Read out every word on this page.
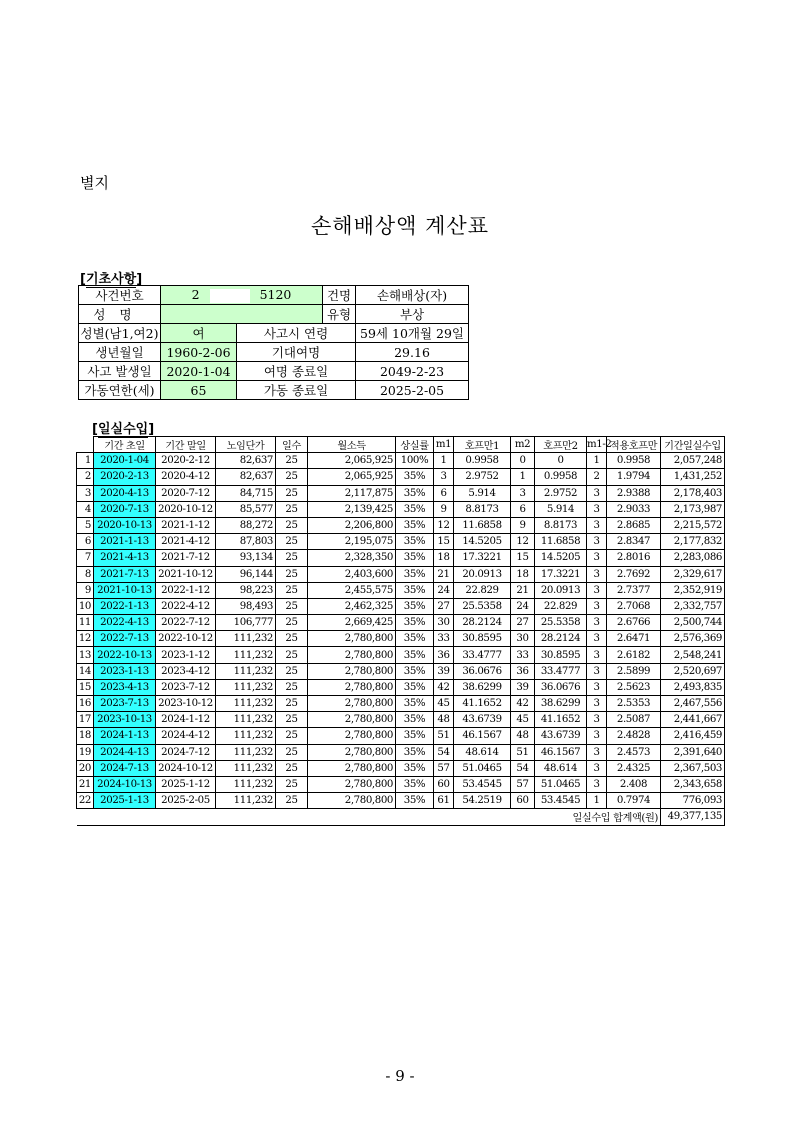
별지
손해배상액 계산표
[기초사항]
사건번호	2 5120		건명	손해배상(자)
성명			유형	부상
성별(남1,여2)	여	사고시 연령		59세 10개월 29일
생년월일	1960-2-06	기대여명		29.16
사고 발생일	2020-1-04	여명 종료일		2049-2-23
가동연한(세)	65	가동 종료일		2025-2-05
[일실수입]
	기간 초일	기간 말일	노임단가	일수	월소득	상실률	m1	호프만1	m2	호프만2	m1-2	적용호프만	기간일실수입
1	2020-1-04	2020-2-12	82,637	25	2,065,925	100%	1	0.9958	0	0	1	0.9958	2,057,248
2	2020-2-13	2020-4-12	82,637	25	2,065,925	35%	3	2.9752	1	0.9958	2	1.9794	1,431,252
3	2020-4-13	2020-7-12	84,715	25	2,117,875	35%	6	5.914	3	2.9752	3	2.9388	2,178,403
4	2020-7-13	2020-10-12	85,577	25	2,139,425	35%	9	8.8173	6	5.914	3	2.9033	2,173,987
5	2020-10-13	2021-1-12	88,272	25	2,206,800	35%	12	11.6858	9	8.8173	3	2.8685	2,215,572
6	2021-1-13	2021-4-12	87,803	25	2,195,075	35%	15	14.5205	12	11.6858	3	2.8347	2,177,832
7	2021-4-13	2021-7-12	93,134	25	2,328,350	35%	18	17.3221	15	14.5205	3	2.8016	2,283,086
8	2021-7-13	2021-10-12	96,144	25	2,403,600	35%	21	20.0913	18	17.3221	3	2.7692	2,329,617
9	2021-10-13	2022-1-12	98,223	25	2,455,575	35%	24	22.829	21	20.0913	3	2.7377	2,352,919
10	2022-1-13	2022-4-12	98,493	25	2,462,325	35%	27	25.5358	24	22.829	3	2.7068	2,332,757
11	2022-4-13	2022-7-12	106,777	25	2,669,425	35%	30	28.2124	27	25.5358	3	2.6766	2,500,744
12	2022-7-13	2022-10-12	111,232	25	2,780,800	35%	33	30.8595	30	28.2124	3	2.6471	2,576,369
13	2022-10-13	2023-1-12	111,232	25	2,780,800	35%	36	33.4777	33	30.8595	3	2.6182	2,548,241
14	2023-1-13	2023-4-12	111,232	25	2,780,800	35%	39	36.0676	36	33.4777	3	2.5899	2,520,697
15	2023-4-13	2023-7-12	111,232	25	2,780,800	35%	42	38.6299	39	36.0676	3	2.5623	2,493,835
16	2023-7-13	2023-10-12	111,232	25	2,780,800	35%	45	41.1652	42	38.6299	3	2.5353	2,467,556
17	2023-10-13	2024-1-12	111,232	25	2,780,800	35%	48	43.6739	45	41.1652	3	2.5087	2,441,667
18	2024-1-13	2024-4-12	111,232	25	2,780,800	35%	51	46.1567	48	43.6739	3	2.4828	2,416,459
19	2024-4-13	2024-7-12	111,232	25	2,780,800	35%	54	48.614	51	46.1567	3	2.4573	2,391,640
20	2024-7-13	2024-10-12	111,232	25	2,780,800	35%	57	51.0465	54	48.614	3	2.4325	2,367,503
21	2024-10-13	2025-1-12	111,232	25	2,780,800	35%	60	53.4545	57	51.0465	3	2.408	2,343,658
22	2025-1-13	2025-2-05	111,232	25	2,780,800	35%	61	54.2519	60	53.4545	1	0.7974	776,093
일실수입 합계액(원)													49,377,135
- 9 -
